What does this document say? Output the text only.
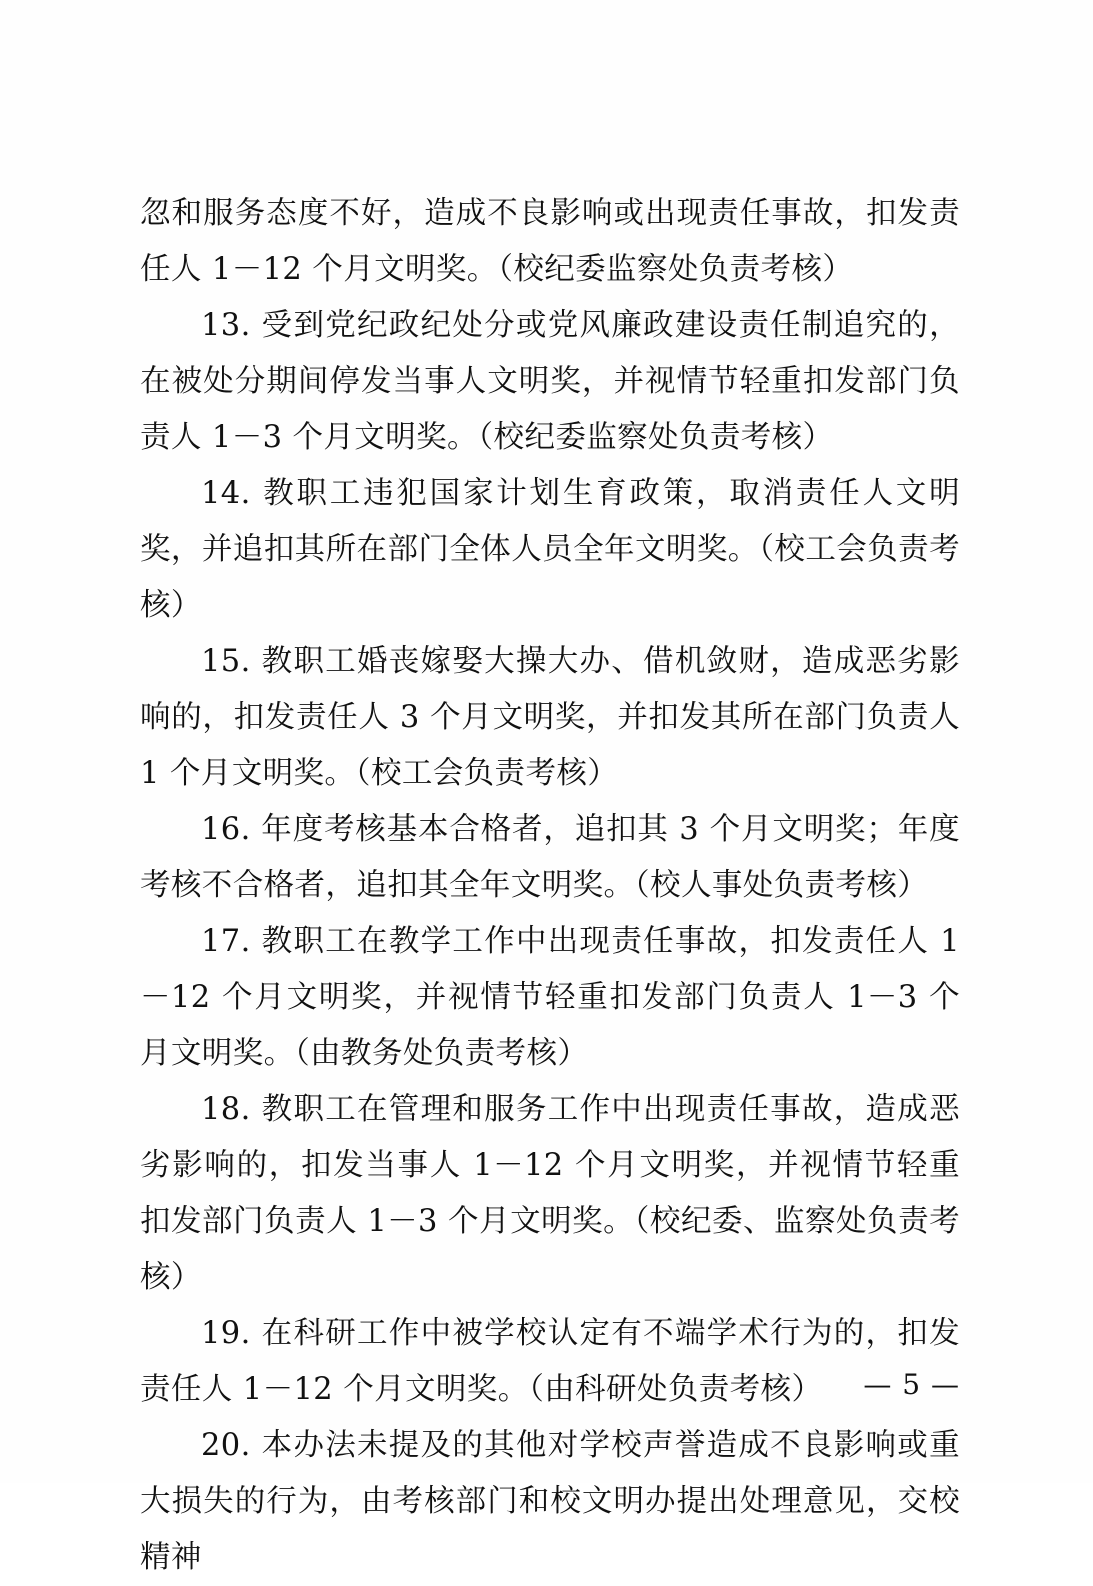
忽和服务态度不好，造成不良影响或出现责任事故，扣发责任人 1－12 个月文明奖。（校纪委监察处负责考核）

13. 受到党纪政纪处分或党风廉政建设责任制追究的，在被处分期间停发当事人文明奖，并视情节轻重扣发部门负责人 1－3 个月文明奖。（校纪委监察处负责考核）

14. 教职工违犯国家计划生育政策，取消责任人文明奖，并追扣其所在部门全体人员全年文明奖。（校工会负责考核）

15. 教职工婚丧嫁娶大操大办、借机敛财，造成恶劣影响的，扣发责任人 3 个月文明奖，并扣发其所在部门负责人 1 个月文明奖。（校工会负责考核）

16. 年度考核基本合格者，追扣其 3 个月文明奖；年度考核不合格者，追扣其全年文明奖。（校人事处负责考核）

17. 教职工在教学工作中出现责任事故，扣发责任人 1－12 个月文明奖，并视情节轻重扣发部门负责人 1－3 个月文明奖。（由教务处负责考核）

18. 教职工在管理和服务工作中出现责任事故，造成恶劣影响的，扣发当事人 1－12 个月文明奖，并视情节轻重扣发部门负责人 1－3 个月文明奖。（校纪委、监察处负责考核）

19. 在科研工作中被学校认定有不端学术行为的，扣发责任人 1－12 个月文明奖。（由科研处负责考核）

20. 本办法未提及的其他对学校声誉造成不良影响或重大损失的行为，由考核部门和校文明办提出处理意见，交校精神

— 5 —
